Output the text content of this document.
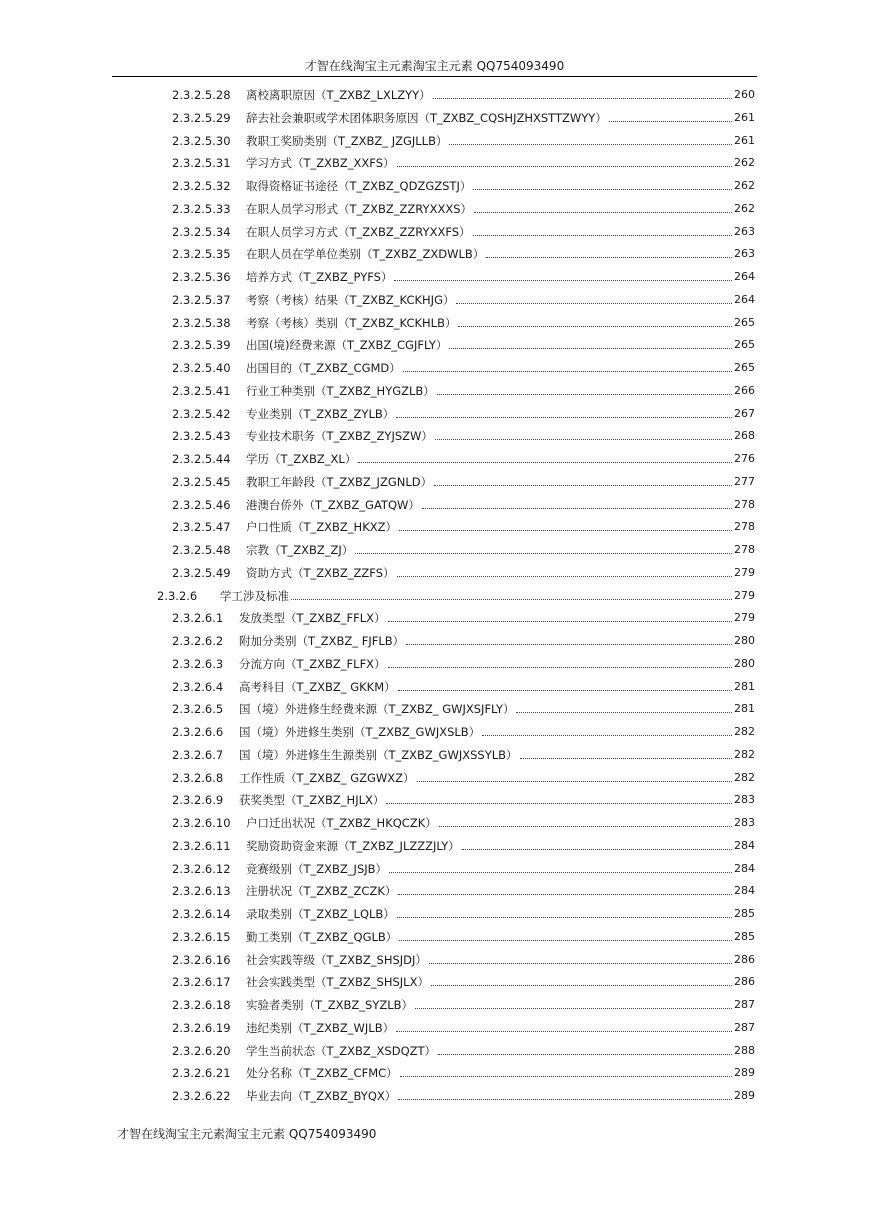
才智在线淘宝主元素淘宝主元素 QQ754093490
2.3.2.5.28	离校离职原因（T_ZXBZ_LXLZYY）	260
2.3.2.5.29	辞去社会兼职或学术团体职务原因（T_ZXBZ_CQSHJZHXSTTZWYY）	261
2.3.2.5.30	教职工奖励类别（T_ZXBZ_ JZGJLLB）	261
2.3.2.5.31	学习方式（T_ZXBZ_XXFS）	262
2.3.2.5.32	取得资格证书途径（T_ZXBZ_QDZGZSTJ）	262
2.3.2.5.33	在职人员学习形式（T_ZXBZ_ZZRYXXXS）	262
2.3.2.5.34	在职人员学习方式（T_ZXBZ_ZZRYXXFS）	263
2.3.2.5.35	在职人员在学单位类别（T_ZXBZ_ZXDWLB）	263
2.3.2.5.36	培养方式（T_ZXBZ_PYFS）	264
2.3.2.5.37	考察（考核）结果（T_ZXBZ_KCKHJG）	264
2.3.2.5.38	考察（考核）类别（T_ZXBZ_KCKHLB）	265
2.3.2.5.39	出国(境)经费来源（T_ZXBZ_CGJFLY）	265
2.3.2.5.40	出国目的（T_ZXBZ_CGMD）	265
2.3.2.5.41	行业工种类别（T_ZXBZ_HYGZLB）	266
2.3.2.5.42	专业类别（T_ZXBZ_ZYLB）	267
2.3.2.5.43	专业技术职务（T_ZXBZ_ZYJSZW）	268
2.3.2.5.44	学历（T_ZXBZ_XL）	276
2.3.2.5.45	教职工年龄段（T_ZXBZ_JZGNLD）	277
2.3.2.5.46	港澳台侨外（T_ZXBZ_GATQW）	278
2.3.2.5.47	户口性质（T_ZXBZ_HKXZ）	278
2.3.2.5.48	宗教（T_ZXBZ_ZJ）	278
2.3.2.5.49	资助方式（T_ZXBZ_ZZFS）	279
2.3.2.6	学工涉及标准	279
2.3.2.6.1	发放类型（T_ZXBZ_FFLX）	279
2.3.2.6.2	附加分类别（T_ZXBZ_ FJFLB）	280
2.3.2.6.3	分流方向（T_ZXBZ_FLFX）	280
2.3.2.6.4	高考科目（T_ZXBZ_ GKKM）	281
2.3.2.6.5	国（境）外进修生经费来源（T_ZXBZ_ GWJXSJFLY）	281
2.3.2.6.6	国（境）外进修生类别（T_ZXBZ_GWJXSLB）	282
2.3.2.6.7	国（境）外进修生生源类别（T_ZXBZ_GWJXSSYLB）	282
2.3.2.6.8	工作性质（T_ZXBZ_ GZGWXZ）	282
2.3.2.6.9	获奖类型（T_ZXBZ_HJLX）	283
2.3.2.6.10	户口迁出状况（T_ZXBZ_HKQCZK）	283
2.3.2.6.11	奖励资助资金来源（T_ZXBZ_JLZZZJLY）	284
2.3.2.6.12	竞赛级别（T_ZXBZ_JSJB）	284
2.3.2.6.13	注册状况（T_ZXBZ_ZCZK）	284
2.3.2.6.14	录取类别（T_ZXBZ_LQLB）	285
2.3.2.6.15	勤工类别（T_ZXBZ_QGLB）	285
2.3.2.6.16	社会实践等级（T_ZXBZ_SHSJDJ）	286
2.3.2.6.17	社会实践类型（T_ZXBZ_SHSJLX）	286
2.3.2.6.18	实验者类别（T_ZXBZ_SYZLB）	287
2.3.2.6.19	违纪类别（T_ZXBZ_WJLB）	287
2.3.2.6.20	学生当前状态（T_ZXBZ_XSDQZT）	288
2.3.2.6.21	处分名称（T_ZXBZ_CFMC）	289
2.3.2.6.22	毕业去向（T_ZXBZ_BYQX）	289
才智在线淘宝主元素淘宝主元素 QQ754093490
